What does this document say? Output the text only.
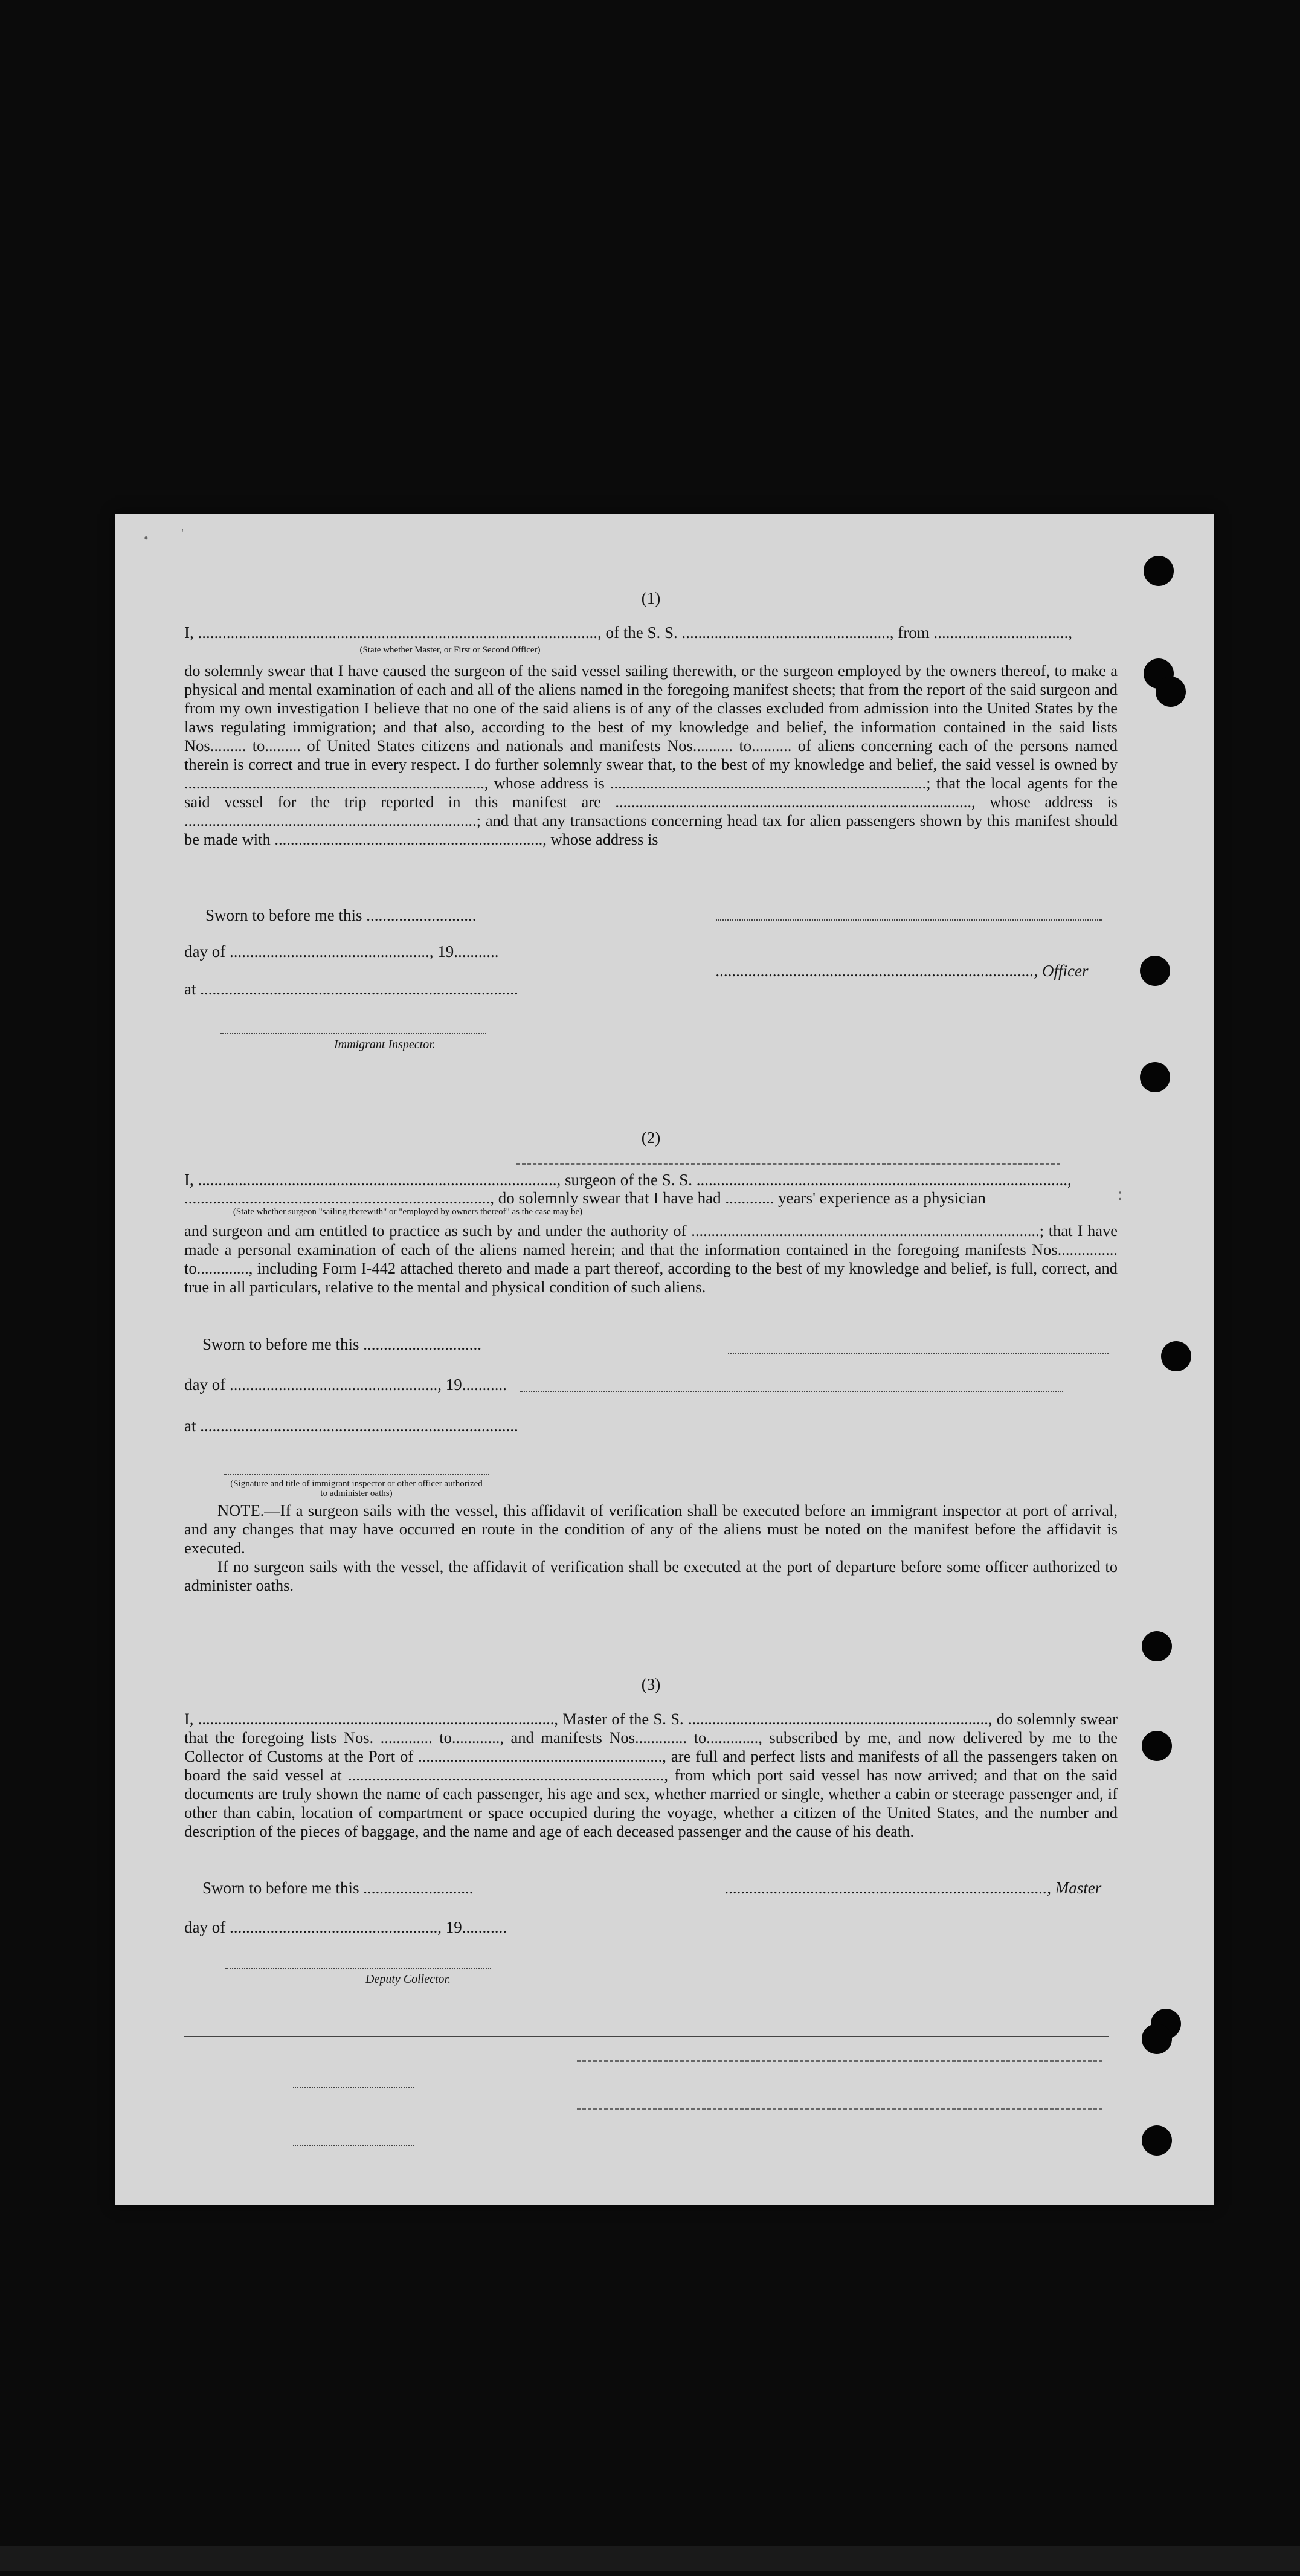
• '
:
(1)
I, .................................................................................................., of the S. S. ..................................................., from .................................,
(State whether Master, or First or Second Officer)

do solemnly swear that I have caused the surgeon of the said vessel sailing therewith, or the surgeon employed by the owners thereof, to make a physical and mental examination of each and all of the aliens named in the foregoing manifest sheets; that from the report of the said surgeon and from my own investigation I believe that no one of the said aliens is of any of the classes excluded from admission into the United States by the laws regulating immigration; and that also, according to the best of my knowledge and belief, the information contained in the said lists Nos......... to......... of United States citizens and nationals and manifests Nos.......... to.......... of aliens concerning each of the persons named therein is correct and true in every respect. I do further solemnly swear that, to the best of my knowledge and belief, the said vessel is owned by ..........................................................................., whose address is ...............................................................................; that the local agents for the said vessel for the trip reported in this manifest are ........................................................................................., whose address is .........................................................................; and that any transactions concerning head tax for alien passengers shown by this manifest should be made with ..................................................................., whose address is

Sworn to before me this ...........................
day of ................................................., 19...........
at ..............................................................................
Immigrant Inspector.
.............................................................................., Officer
(2)
I, ........................................................................................, surgeon of the S. S. ...........................................................................................,
..........................................................................., do solemnly swear that I have had ............ years' experience as a physician
(State whether surgeon "sailing therewith" or "employed by owners thereof" as the case may be)

and surgeon and am entitled to practice as such by and under the authority of .......................................................................................; that I have made a personal examination of each of the aliens named herein; and that the information contained in the foregoing manifests Nos............... to............., including Form I-442 attached thereto and made a part thereof, according to the best of my knowledge and belief, is full, correct, and true in all particulars, relative to the mental and physical condition of such aliens.

Sworn to before me this .............................
day of ..................................................., 19...........
at ..............................................................................
(Signature and title of immigrant inspector or other officer authorized to administer oaths)

NOTE.—If a surgeon sails with the vessel, this affidavit of verification shall be executed before an immigrant inspector at port of arrival, and any changes that may have occurred en route in the condition of any of the aliens must be noted on the manifest before the affidavit is executed.

If no surgeon sails with the vessel, the affidavit of verification shall be executed at the port of departure before some officer authorized to administer oaths.

(3)

I, ........................................................................................., Master of the S. S. ..........................................................................., do solemnly swear that the foregoing lists Nos. ............. to............, and manifests Nos............. to............., subscribed by me, and now delivered by me to the Collector of Customs at the Port of ............................................................., are full and perfect lists and manifests of all the passengers taken on board the said vessel at ..............................................................................., from which port said vessel has now arrived; and that on the said documents are truly shown the name of each passenger, his age and sex, whether married or single, whether a cabin or steerage passenger and, if other than cabin, location of compartment or space occupied during the voyage, whether a citizen of the United States, and the number and description of the pieces of baggage, and the name and age of each deceased passenger and the cause of his death.

Sworn to before me this ...........................
day of ..................................................., 19...........
Deputy Collector.
..............................................................................., Master
